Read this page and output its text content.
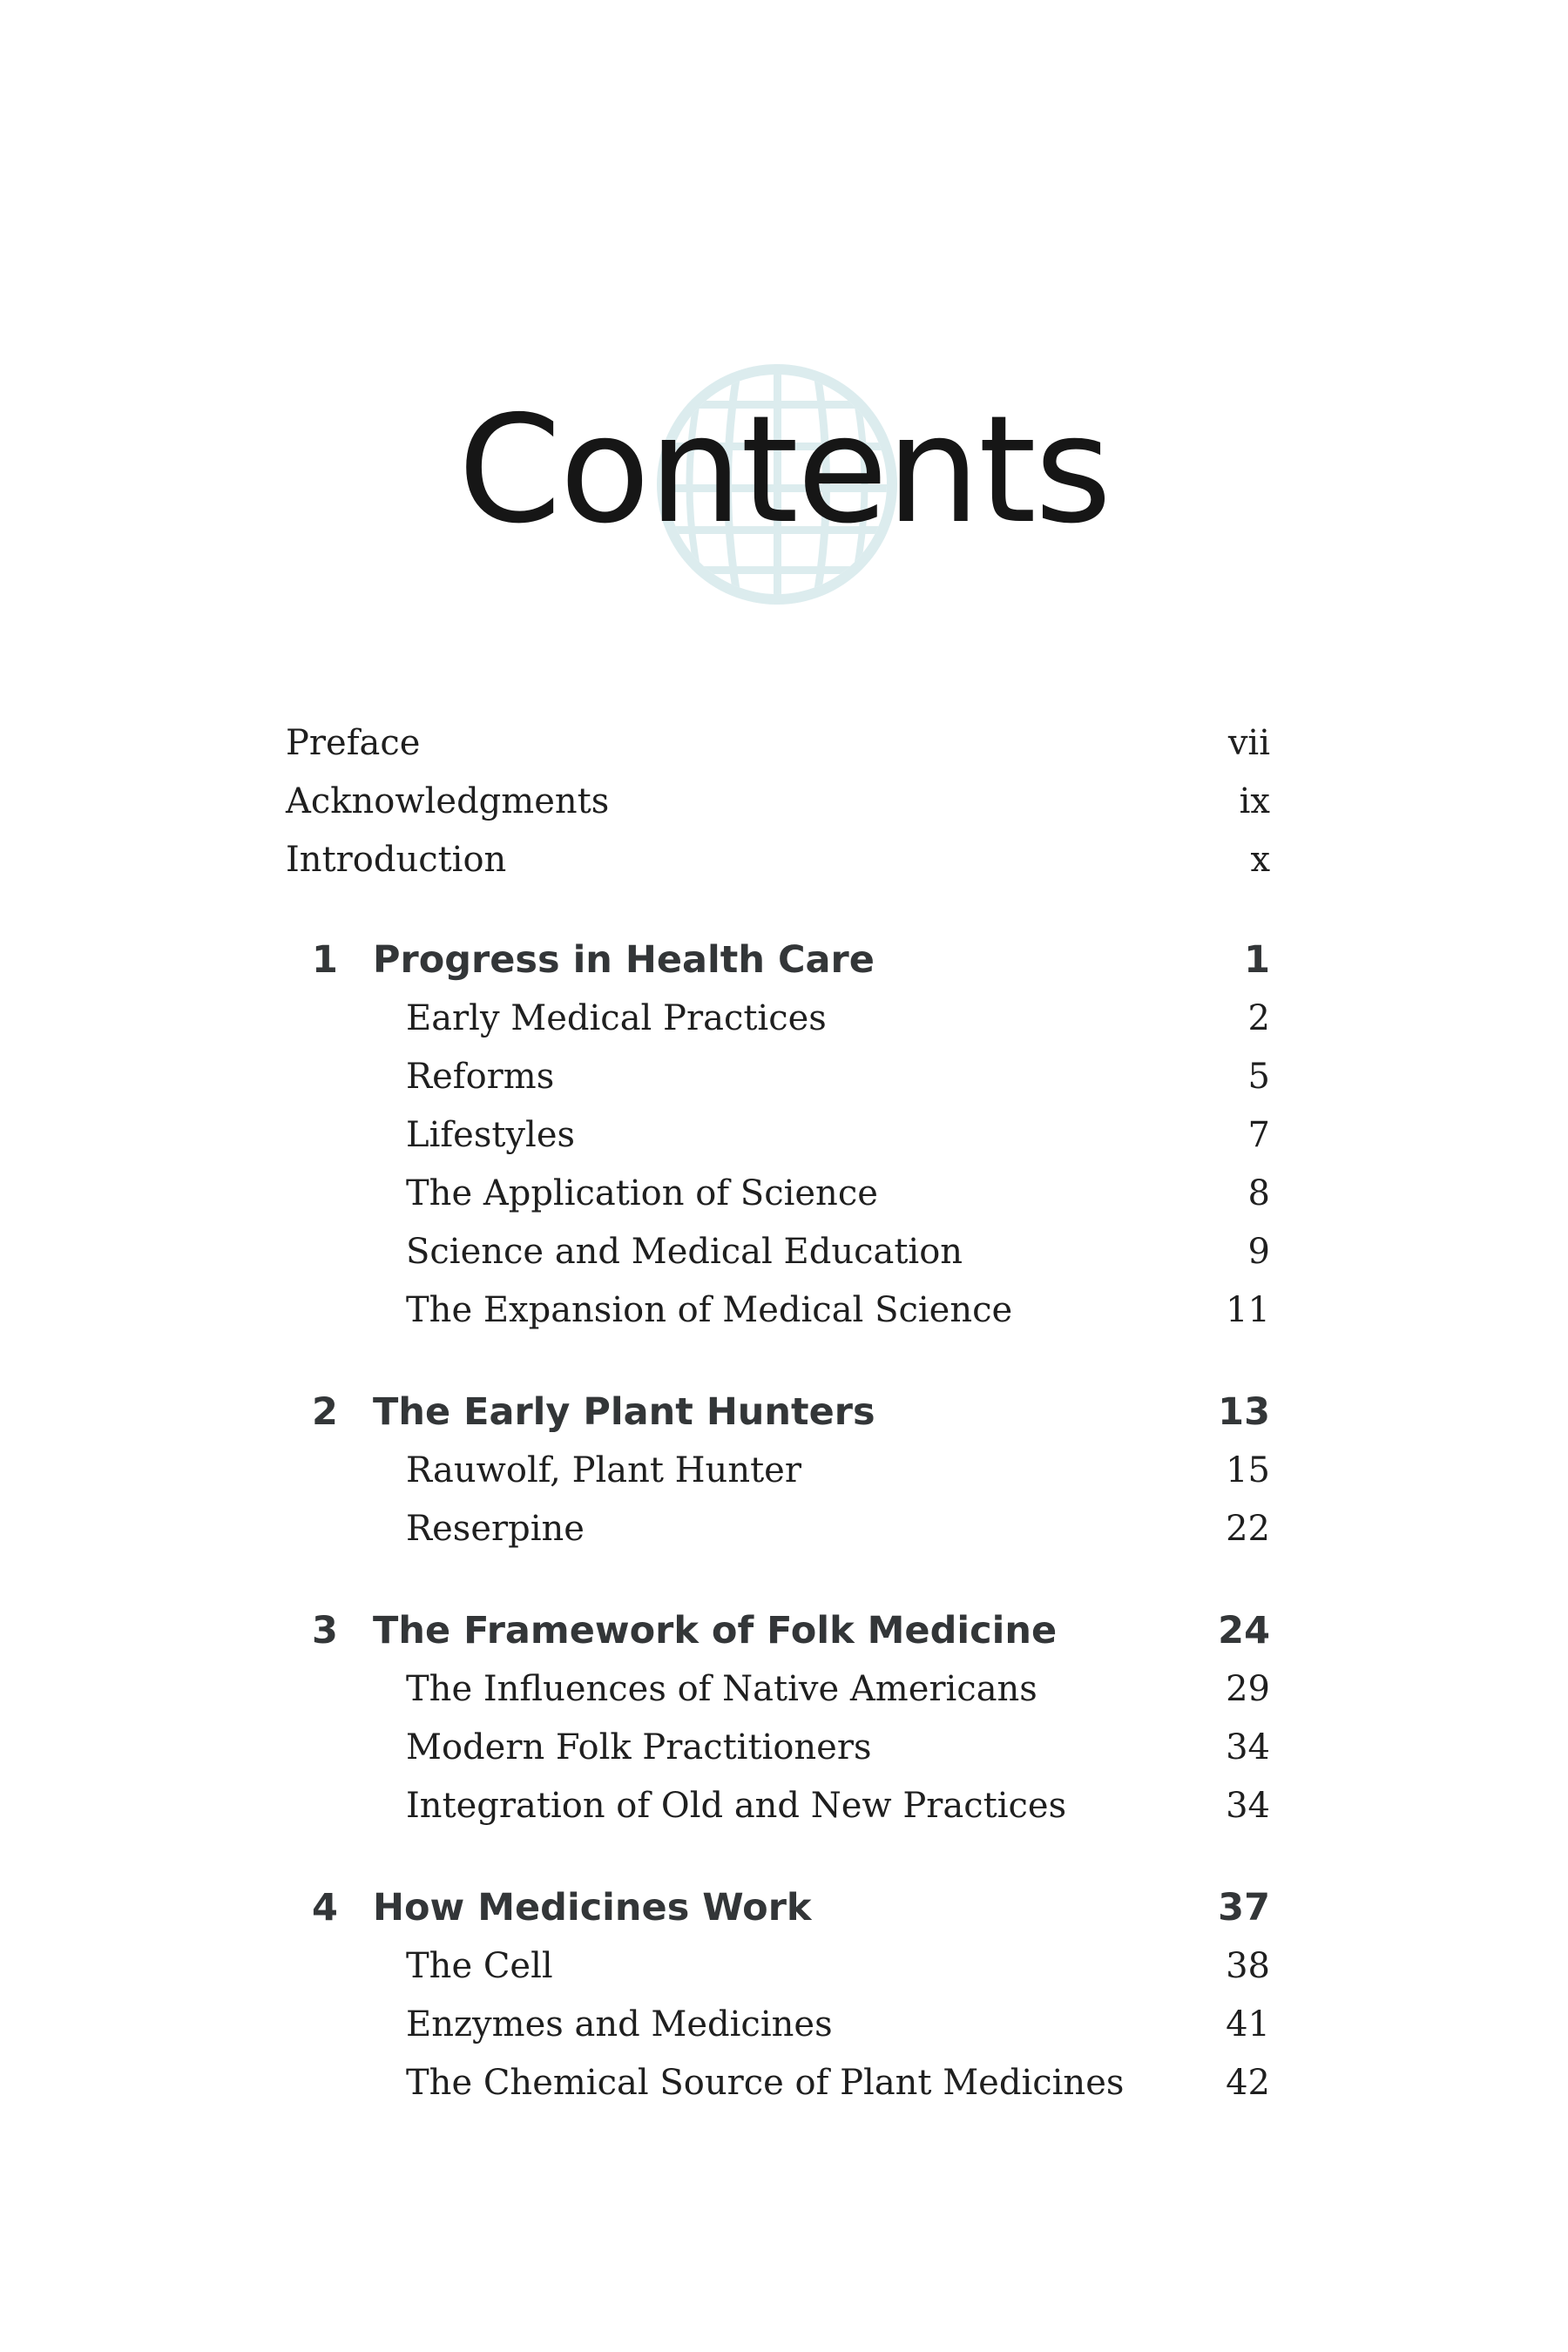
Contents
Preface	vii
Acknowledgments	ix
Introduction	x
1 Progress in Health Care	1
Early Medical Practices	2
Reforms	5
Lifestyles	7
The Application of Science	8
Science and Medical Education	9
The Expansion of Medical Science	11
2 The Early Plant Hunters	13
Rauwolf, Plant Hunter	15
Reserpine	22
3 The Framework of Folk Medicine	24
The Influences of Native Americans	29
Modern Folk Practitioners	34
Integration of Old and New Practices	34
4 How Medicines Work	37
The Cell	38
Enzymes and Medicines	41
The Chemical Source of Plant Medicines	42
